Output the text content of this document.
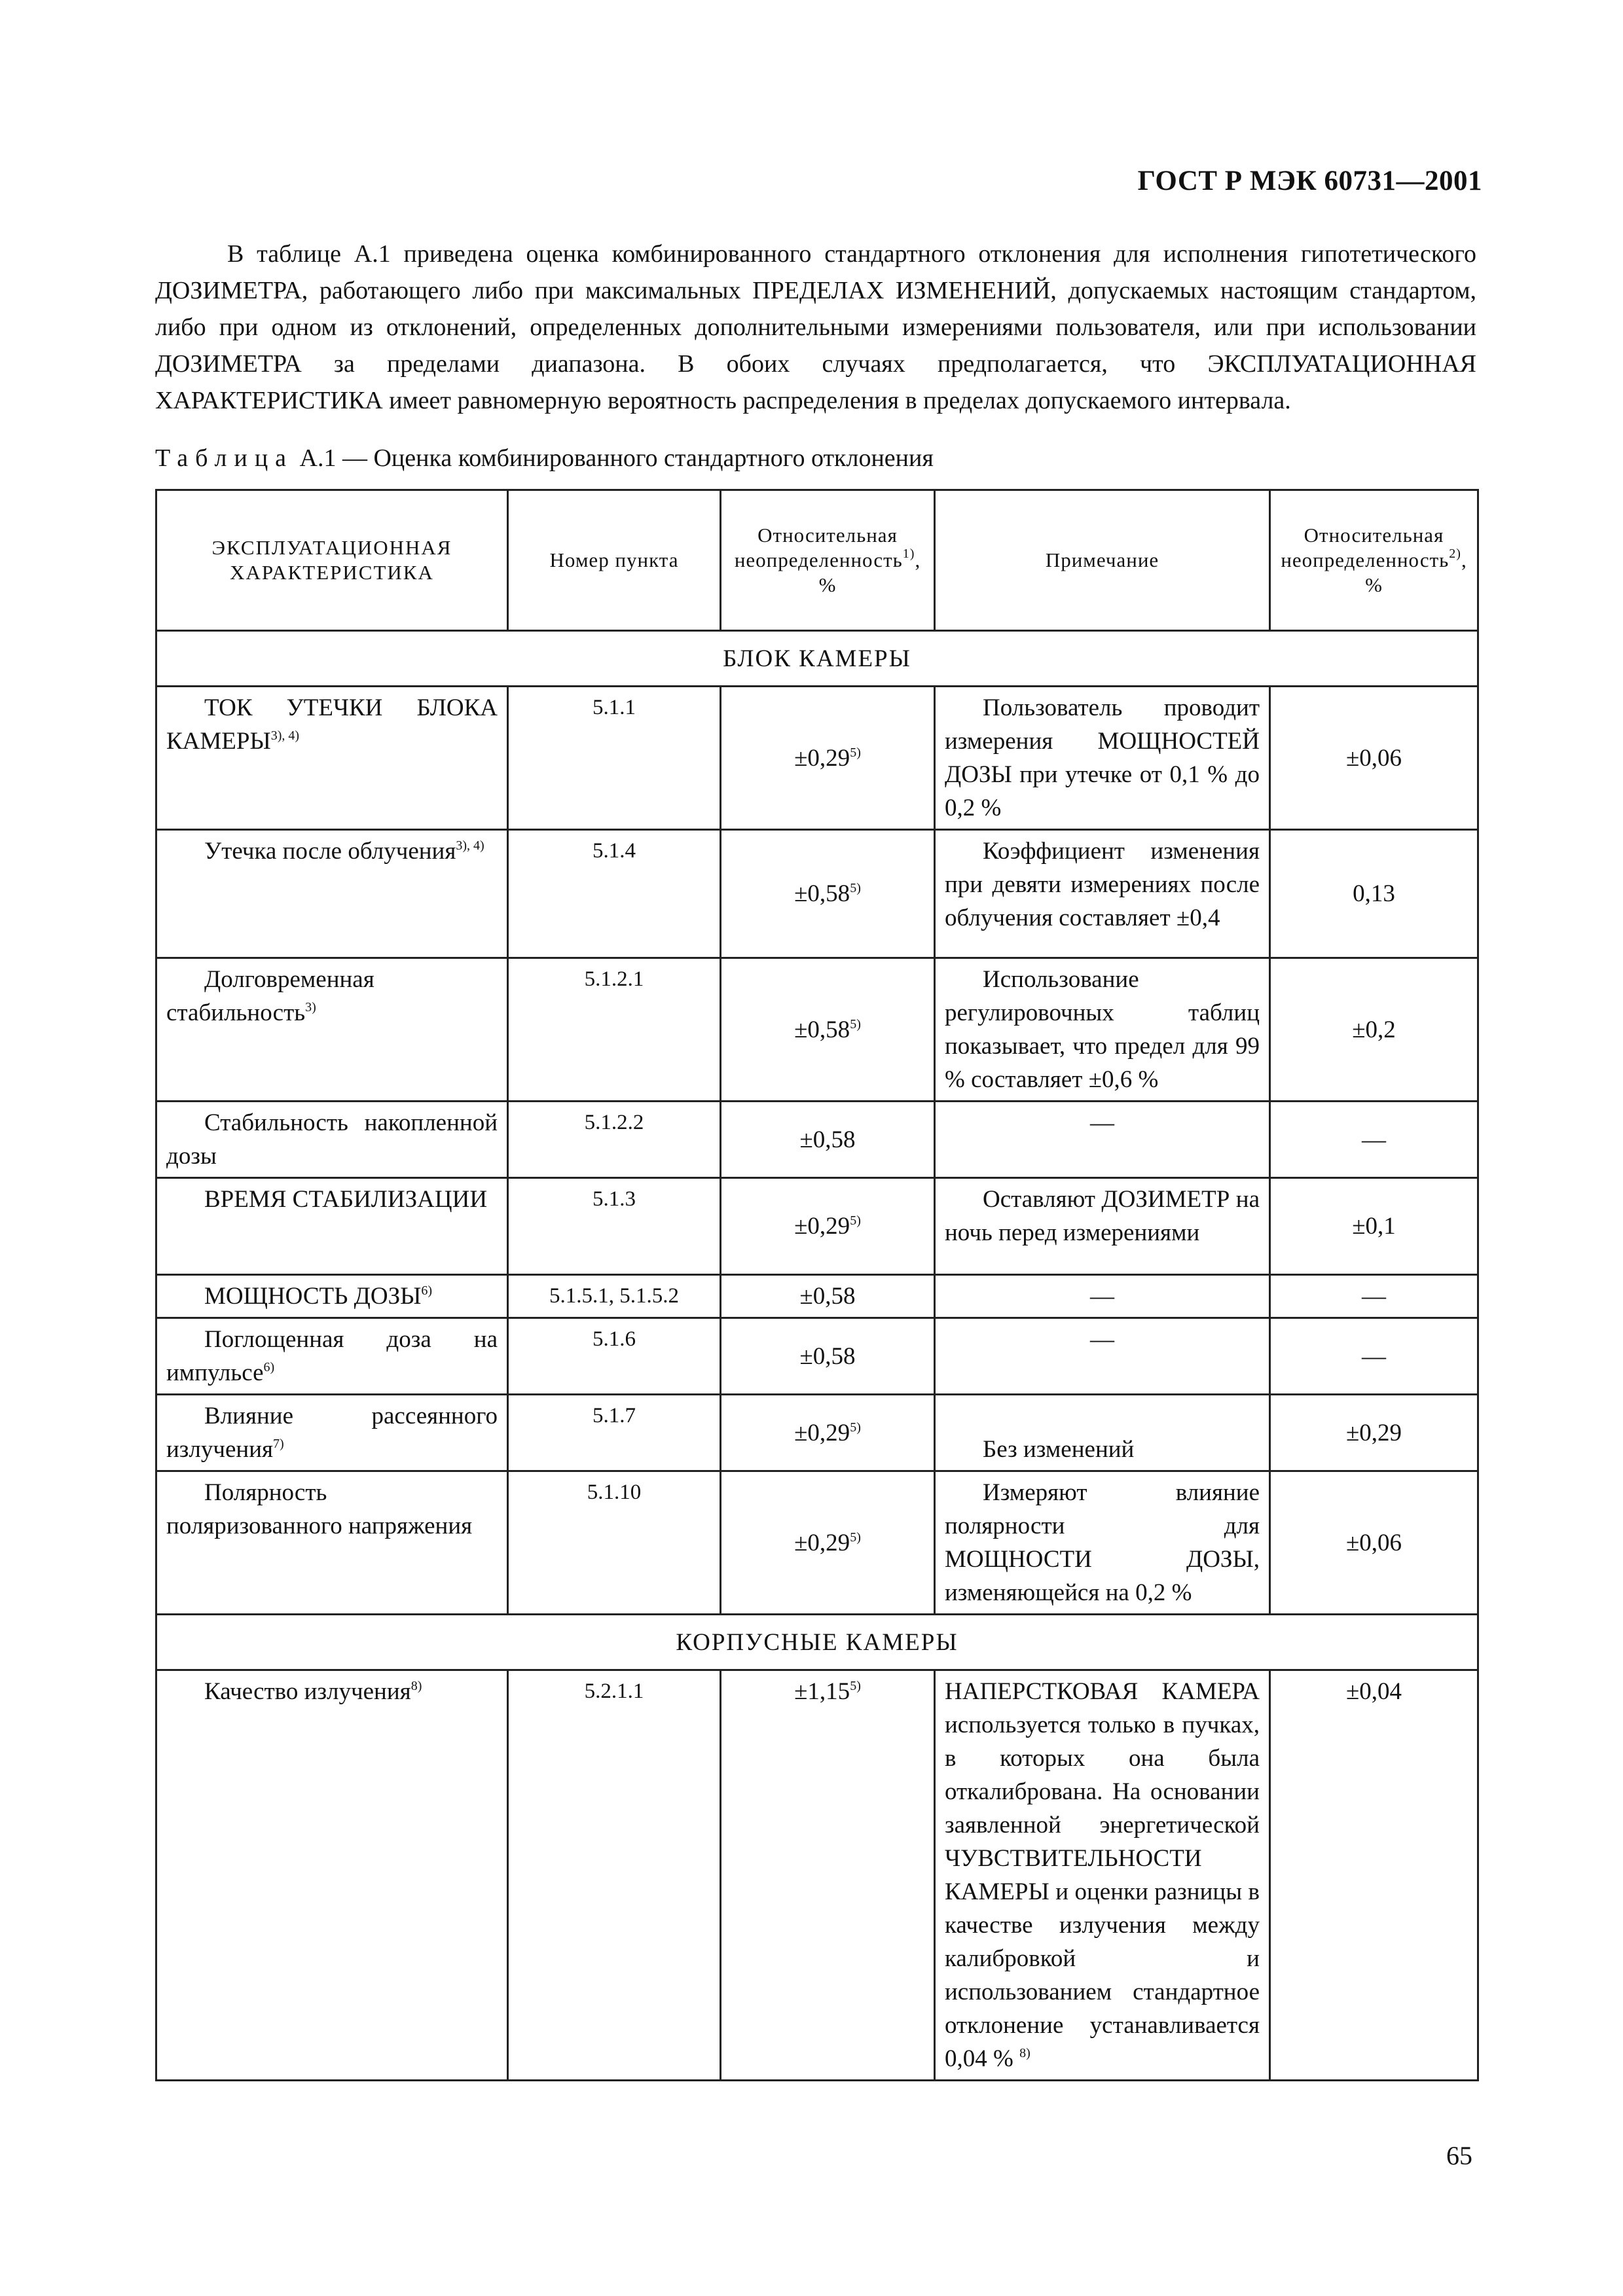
ГОСТ Р МЭК 60731—2001

В таблице А.1 приведена оценка комбинированного стандартного отклонения для исполнения гипотетического ДОЗИМЕТРА, работающего либо при максимальных ПРЕДЕЛАХ ИЗМЕНЕНИЙ, допускаемых настоящим стандартом, либо при одном из отклонений, определенных дополнительными измерениями пользователя, или при использовании ДОЗИМЕТРА за пределами диапазона. В обоих случаях предполагается, что ЭКСПЛУАТАЦИОННАЯ ХАРАКТЕРИСТИКА имеет равномерную вероятность распределения в пределах допускаемого интервала.

Таблица А.1 — Оценка комбинированного стандартного отклонения
ЭКСПЛУАТАЦИОННАЯ ХАРАКТЕРИСТИКА	Номер пункта	Относительная неопределенность$^{1)}$, %	Примечание	Относительная неопределенность$^{2)}$, %
БЛОК КАМЕРЫ				
ТОК УТЕЧКИ БЛОКА $КАМЕРЫ^{3), 4)}$	5.1.1	$\pm 0,29^{5)}$	Пользователь проводит измерения МОЩНОСТЕЙ ДОЗЫ при утечке от 0,1 % до 0,2 %	±0,06
Утечка после облучения$^{3), 4)}$	5.1.4	$\pm 0,58^{5)}$	Коэффициент изменения при девяти измерениях после облучения составляет ±0,4	0,13
Долговременная стабильность$^{3)}$	5.1.2.1	$\pm 0,58^{5)}$	Использование регулировочных таблиц показывает, что предел для 99 % составляет ±0,6 %	±0,2
Стабильность накопленной дозы	5.1.2.2	±0,58	—	—
ВРЕМЯ СТАБИЛИЗАЦИИ	5.1.3	$\pm 0,29^{5)}$	Оставляют ДОЗИМЕТР на ночь перед измерениями	±0,1
МОЩНОСТЬ ДОЗЫ$^{6)}$	5.1.5.1, 5.1.5.2	±0,58	—	—
Поглощенная доза на импульсе$^{6)}$	5.1.6	±0,58	—	—
Влияние рассеянного излучения$^{7)}$	5.1.7	$\pm 0,29^{5)}$	Без изменений	±0,29
Полярность поляризованного напряжения	5.1.10	$\pm 0,29^{5)}$	Измеряют влияние полярности для МОЩНОСТИ ДОЗЫ, изменяющейся на 0,2 %	±0,06
КОРПУСНЫЕ КАМЕРЫ				
Качество излучения$^{8)}$	5.2.1.1	$\pm 1,15^{5)}$	НАПЕРСТКОВАЯ КАМЕРА используется только в пучках, в которых она была откалибрована. На основании заявленной энергетической ЧУВСТВИТЕЛЬНОСТИ КАМЕРЫ и оценки разницы в качестве излучения между калибровкой и использованием стандартное отклонение устанавливается 0,04 % $^{8)}$	±0,04
65
